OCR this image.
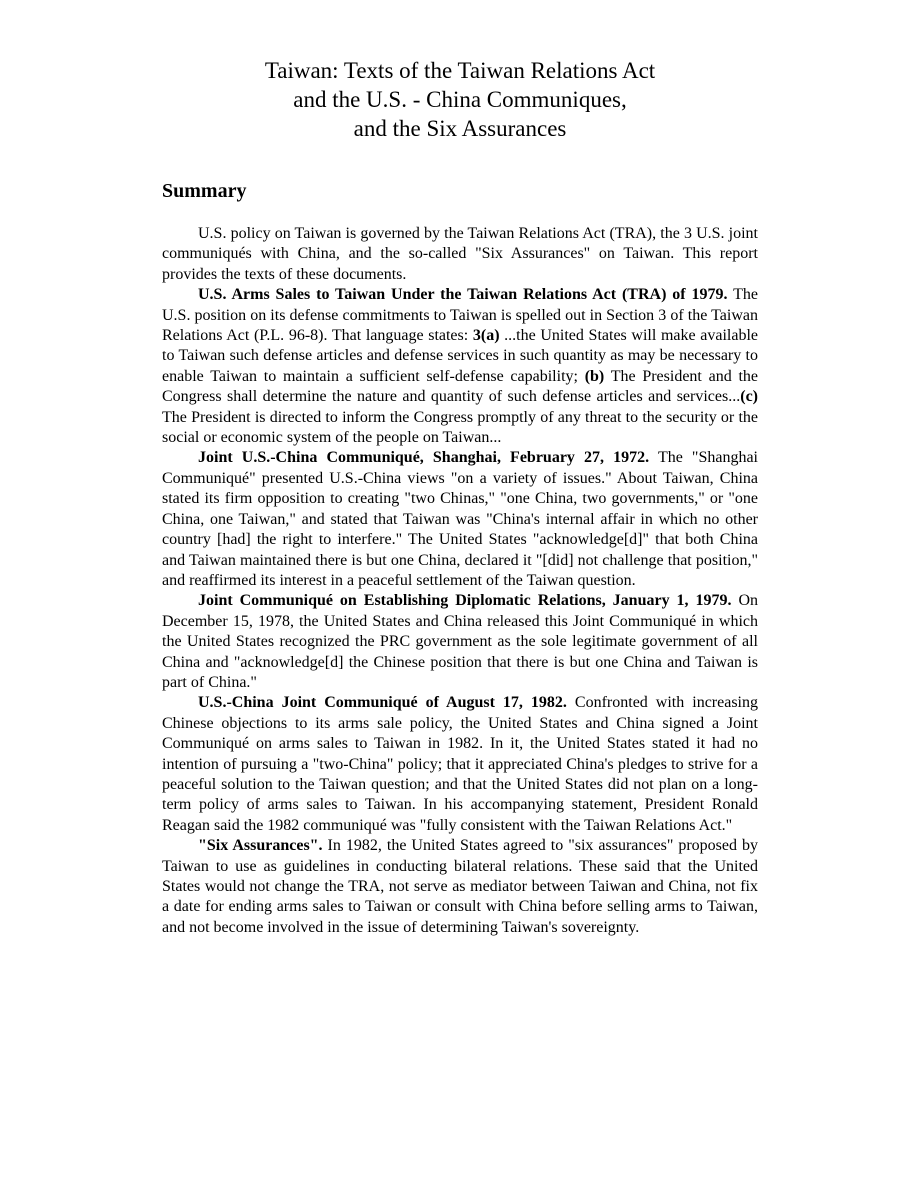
Taiwan: Texts of the Taiwan Relations Act
and the U.S. - China Communiques,
and the Six Assurances
Summary

U.S. policy on Taiwan is governed by the Taiwan Relations Act (TRA), the 3 U.S. joint communiqués with China, and the so-called "Six Assurances" on Taiwan. This report provides the texts of these documents.

U.S. Arms Sales to Taiwan Under the Taiwan Relations Act (TRA) of 1979. The U.S. position on its defense commitments to Taiwan is spelled out in Section 3 of the Taiwan Relations Act (P.L. 96-8). That language states: 3(a) ...the United States will make available to Taiwan such defense articles and defense services in such quantity as may be necessary to enable Taiwan to maintain a sufficient self-defense capability; (b) The President and the Congress shall determine the nature and quantity of such defense articles and services...(c) The President is directed to inform the Congress promptly of any threat to the security or the social or economic system of the people on Taiwan...

Joint U.S.-China Communiqué, Shanghai, February 27, 1972. The "Shanghai Communiqué" presented U.S.-China views "on a variety of issues." About Taiwan, China stated its firm opposition to creating "two Chinas," "one China, two governments," or "one China, one Taiwan," and stated that Taiwan was "China's internal affair in which no other country [had] the right to interfere." The United States "acknowledge[d]" that both China and Taiwan maintained there is but one China, declared it "[did] not challenge that position," and reaffirmed its interest in a peaceful settlement of the Taiwan question.

Joint Communiqué on Establishing Diplomatic Relations, January 1, 1979. On December 15, 1978, the United States and China released this Joint Communiqué in which the United States recognized the PRC government as the sole legitimate government of all China and "acknowledge[d] the Chinese position that there is but one China and Taiwan is part of China."

U.S.-China Joint Communiqué of August 17, 1982. Confronted with increasing Chinese objections to its arms sale policy, the United States and China signed a Joint Communiqué on arms sales to Taiwan in 1982. In it, the United States stated it had no intention of pursuing a "two-China" policy; that it appreciated China's pledges to strive for a peaceful solution to the Taiwan question; and that the United States did not plan on a long-term policy of arms sales to Taiwan. In his accompanying statement, President Ronald Reagan said the 1982 communiqué was "fully consistent with the Taiwan Relations Act."

"Six Assurances". In 1982, the United States agreed to "six assurances" proposed by Taiwan to use as guidelines in conducting bilateral relations. These said that the United States would not change the TRA, not serve as mediator between Taiwan and China, not fix a date for ending arms sales to Taiwan or consult with China before selling arms to Taiwan, and not become involved in the issue of determining Taiwan's sovereignty.
